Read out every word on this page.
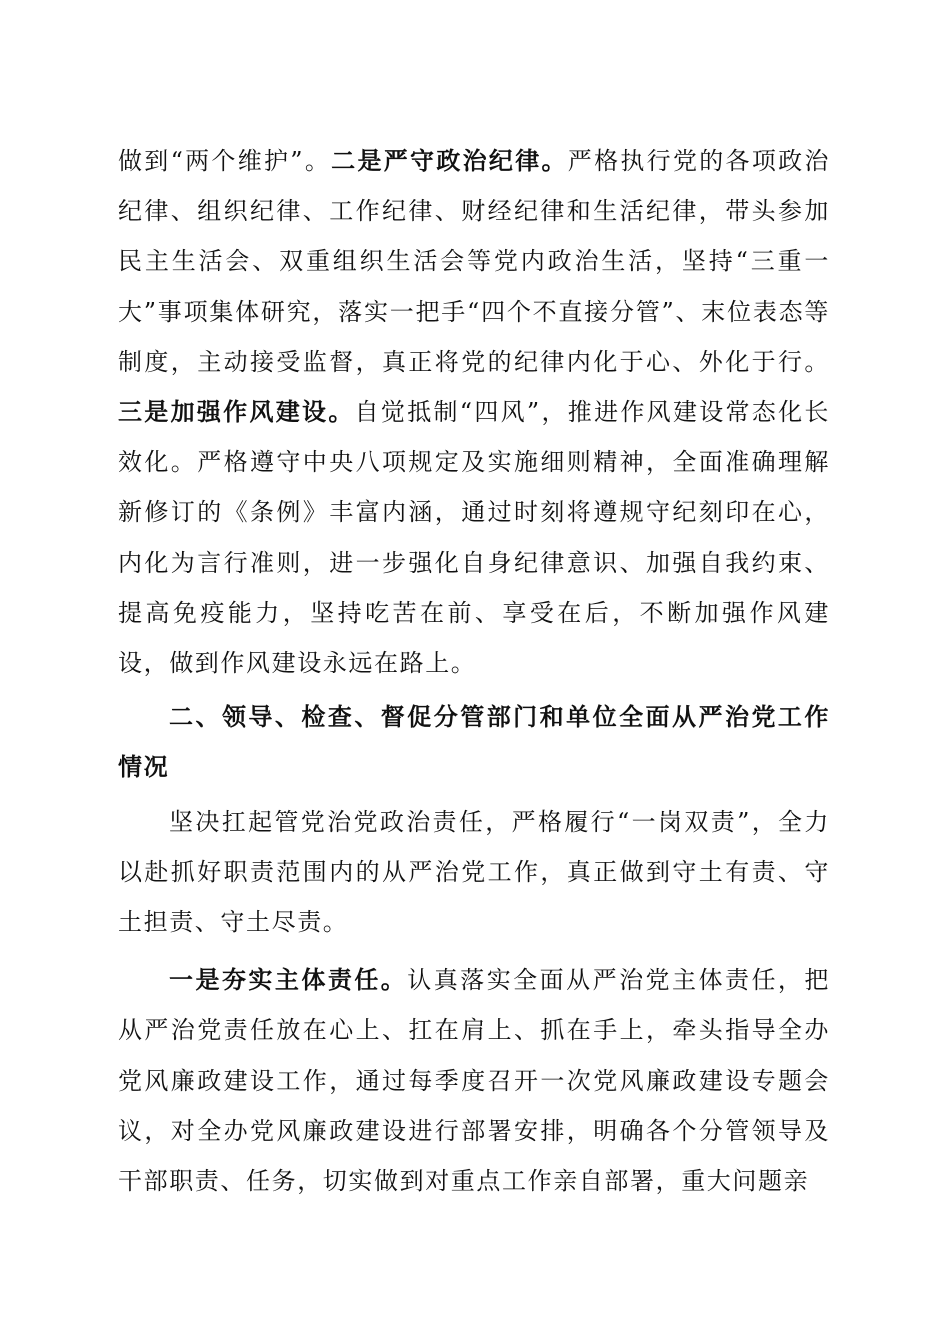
做到“两个维护”。二是严守政治纪律。严格执行党的各项政治纪律、组织纪律、工作纪律、财经纪律和生活纪律，带头参加民主生活会、双重组织生活会等党内政治生活，坚持“三重一大”事项集体研究，落实一把手“四个不直接分管”、末位表态等制度，主动接受监督，真正将党的纪律内化于心、外化于行。三是加强作风建设。自觉抵制“四风”，推进作风建设常态化长效化。严格遵守中央八项规定及实施细则精神，全面准确理解新修订的《条例》丰富内涵，通过时刻将遵规守纪刻印在心，内化为言行准则，进一步强化自身纪律意识、加强自我约束、提高免疫能力，坚持吃苦在前、享受在后，不断加强作风建设，做到作风建设永远在路上。

二、领导、检查、督促分管部门和单位全面从严治党工作情况

坚决扛起管党治党政治责任，严格履行“一岗双责”，全力以赴抓好职责范围内的从严治党工作，真正做到守土有责、守土担责、守土尽责。

一是夯实主体责任。认真落实全面从严治党主体责任，把从严治党责任放在心上、扛在肩上、抓在手上，牵头指导全办党风廉政建设工作，通过每季度召开一次党风廉政建设专题会议，对全办党风廉政建设进行部署安排，明确各个分管领导及干部职责、任务，切实做到对重点工作亲自部署，重大问题亲
